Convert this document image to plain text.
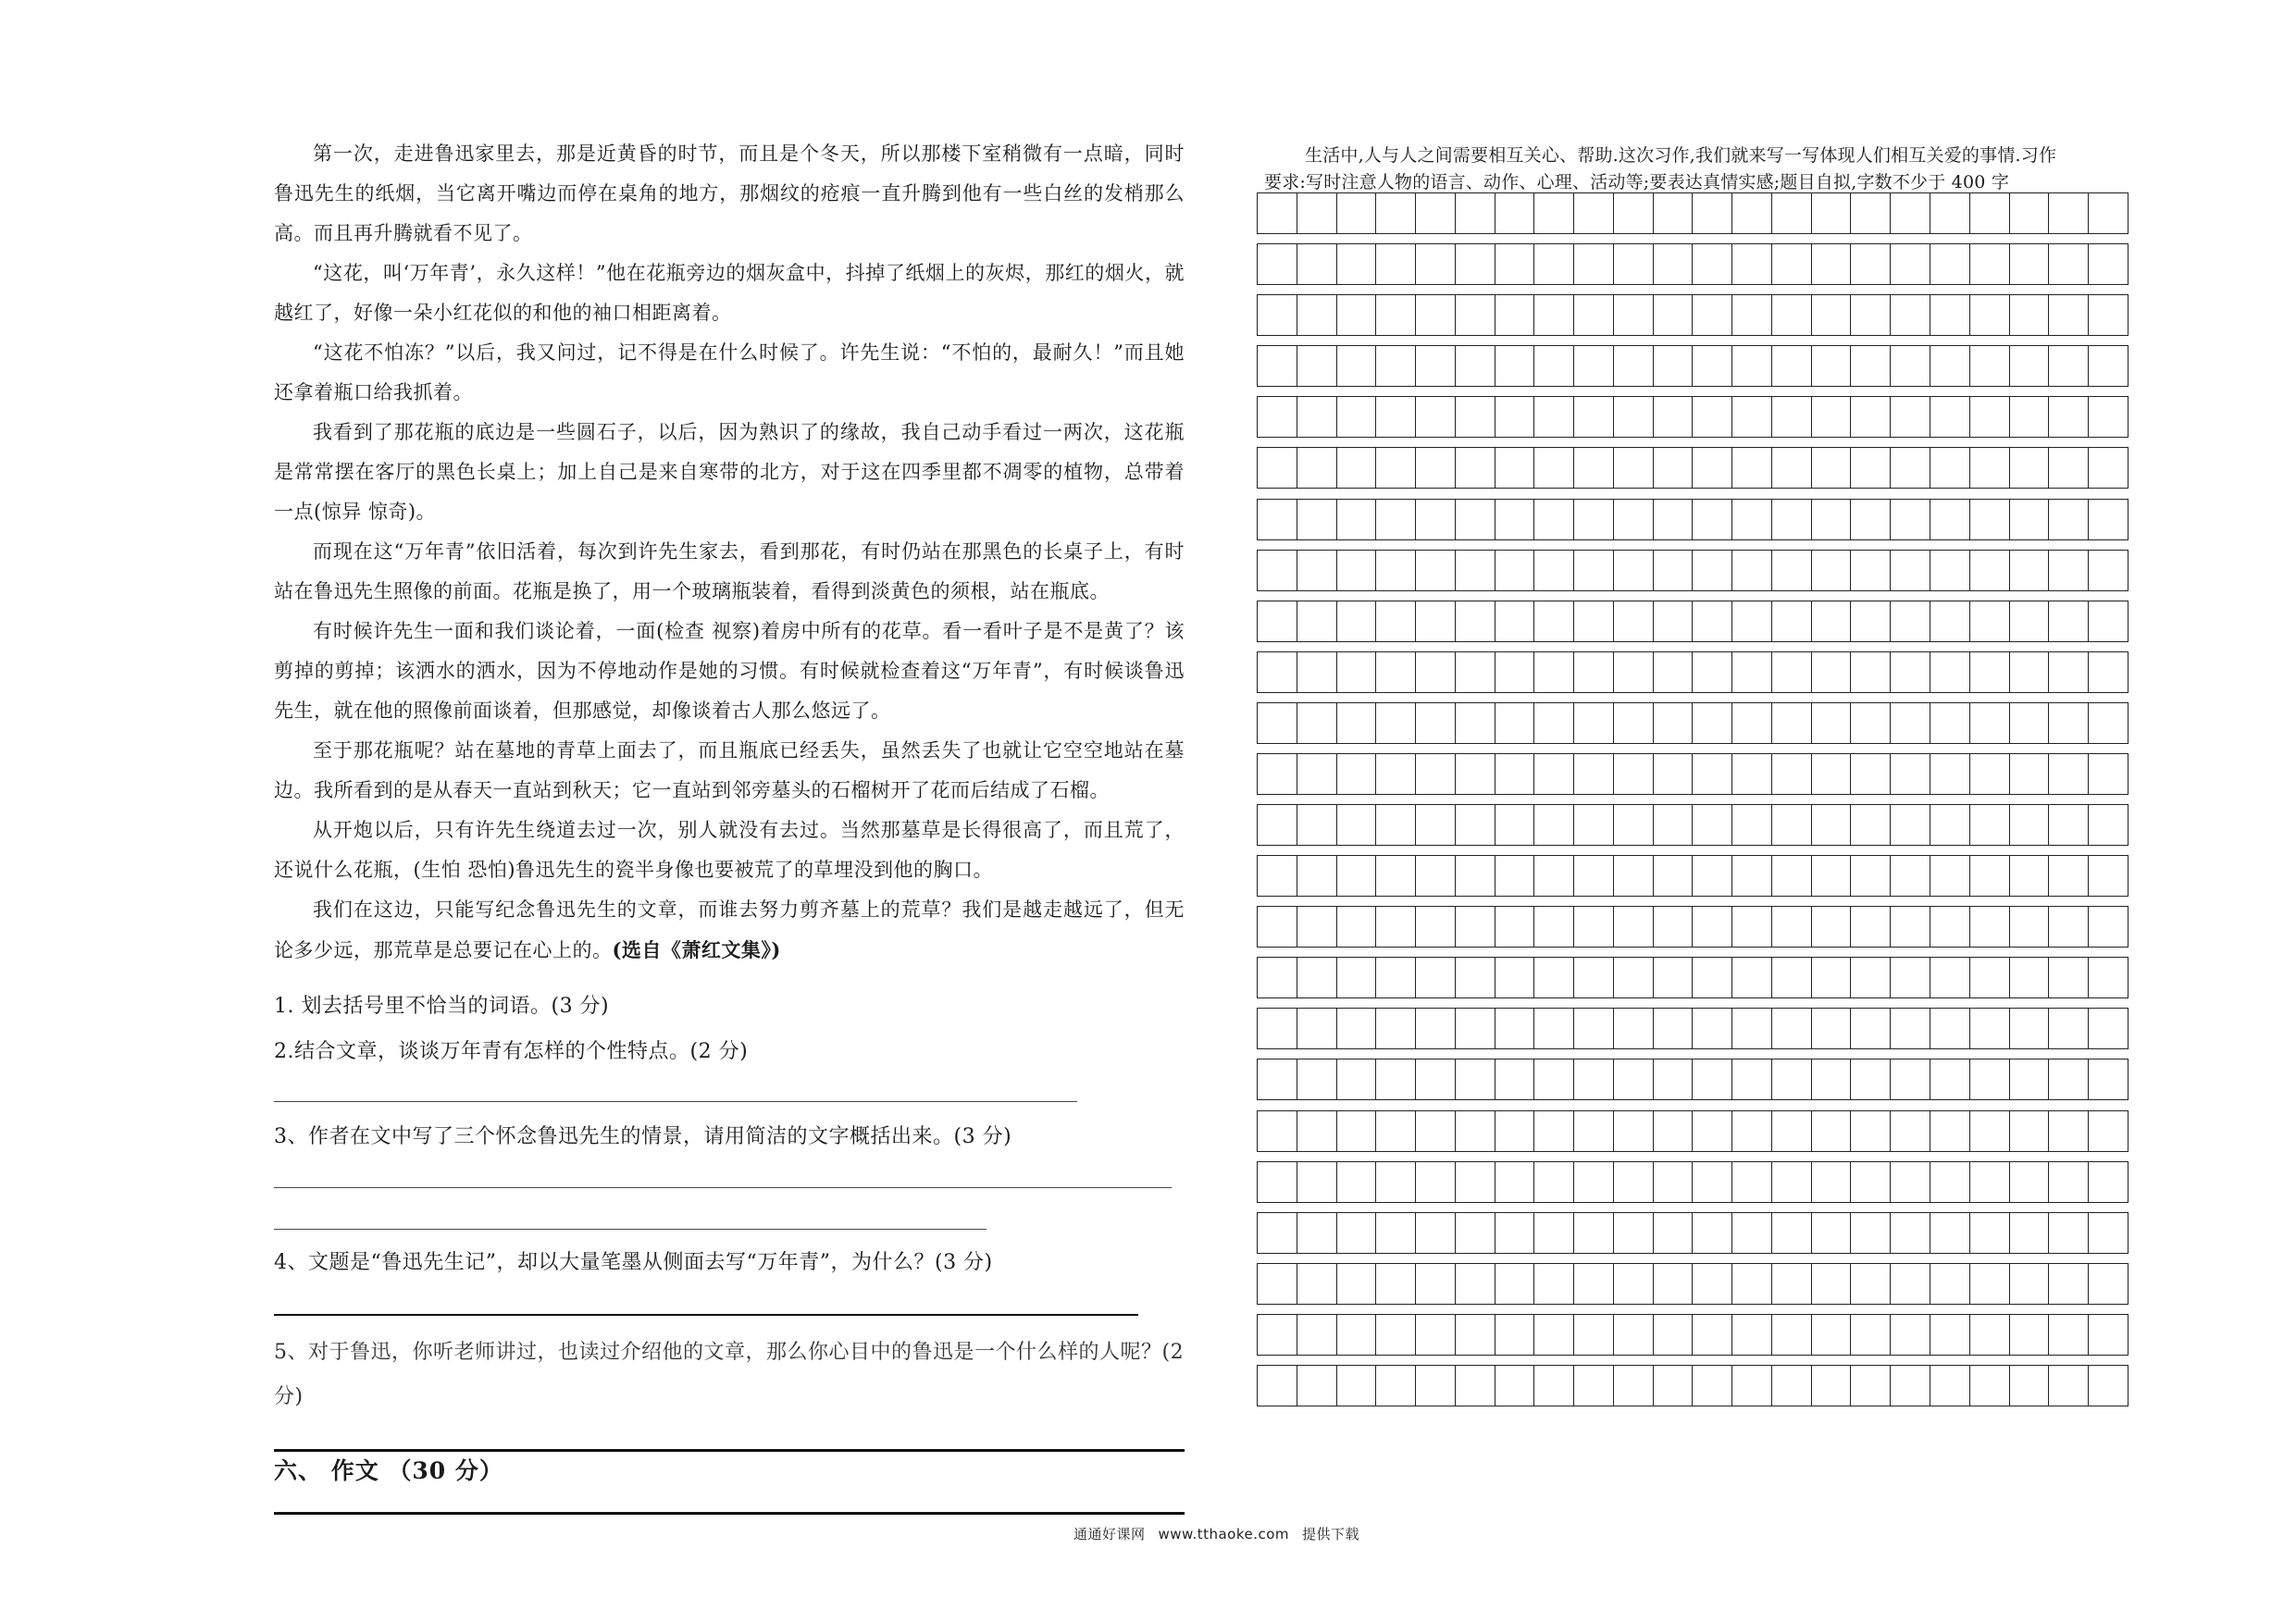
第一次，走进鲁迅家里去，那是近黄昏的时节，而且是个冬天，所以那楼下室稍微有一点暗，同时鲁迅先生的纸烟，当它离开嘴边而停在桌角的地方，那烟纹的疮痕一直升腾到他有一些白丝的发梢那么高。而且再升腾就看不见了。

“这花，叫‘万年青’，永久这样！”他在花瓶旁边的烟灰盒中，抖掉了纸烟上的灰烬，那红的烟火，就越红了，好像一朵小红花似的和他的袖口相距离着。

“这花不怕冻？”以后，我又问过，记不得是在什么时候了。许先生说：“不怕的，最耐久！”而且她还拿着瓶口给我抓着。

我看到了那花瓶的底边是一些圆石子，以后，因为熟识了的缘故，我自己动手看过一两次，这花瓶是常常摆在客厅的黑色长桌上；加上自己是来自寒带的北方，对于这在四季里都不凋零的植物，总带着一点(惊异 惊奇)。

而现在这“万年青”依旧活着，每次到许先生家去，看到那花，有时仍站在那黑色的长桌子上，有时站在鲁迅先生照像的前面。花瓶是换了，用一个玻璃瓶装着，看得到淡黄色的须根，站在瓶底。

有时候许先生一面和我们谈论着，一面(检查 视察)着房中所有的花草。看一看叶子是不是黄了？该剪掉的剪掉；该洒水的洒水，因为不停地动作是她的习惯。有时候就检查着这“万年青”，有时候谈鲁迅先生，就在他的照像前面谈着，但那感觉，却像谈着古人那么悠远了。

至于那花瓶呢？站在墓地的青草上面去了，而且瓶底已经丢失，虽然丢失了也就让它空空地站在墓边。我所看到的是从春天一直站到秋天；它一直站到邻旁墓头的石榴树开了花而后结成了石榴。

从开炮以后，只有许先生绕道去过一次，别人就没有去过。当然那墓草是长得很高了，而且荒了，还说什么花瓶，(生怕 恐怕)鲁迅先生的瓷半身像也要被荒了的草埋没到他的胸口。

我们在这边，只能写纪念鲁迅先生的文章，而谁去努力剪齐墓上的荒草？我们是越走越远了，但无论多少远，那荒草是总要记在心上的。(选自《萧红文集》)

1. 划去括号里不恰当的词语。(3 分)
2.结合文章，谈谈万年青有怎样的个性特点。(2 分)
3、作者在文中写了三个怀念鲁迅先生的情景，请用简洁的文字概括出来。(3 分)
4、文题是“鲁迅先生记”，却以大量笔墨从侧面去写“万年青”，为什么？(3 分)
5、对于鲁迅，你听老师讲过，也读过介绍他的文章，那么你心目中的鲁迅是一个什么样的人呢？(2 分)
六、 作文 （30 分）
生活中,人与人之间需要相互关心、帮助.这次习作,我们就来写一写体现人们相互关爱的事情.习作
要求:写时注意人物的语言、动作、心理、活动等;要表达真情实感;题目自拟,字数不少于 400 字
通通好课网 www.tthaoke.com 提供下载
